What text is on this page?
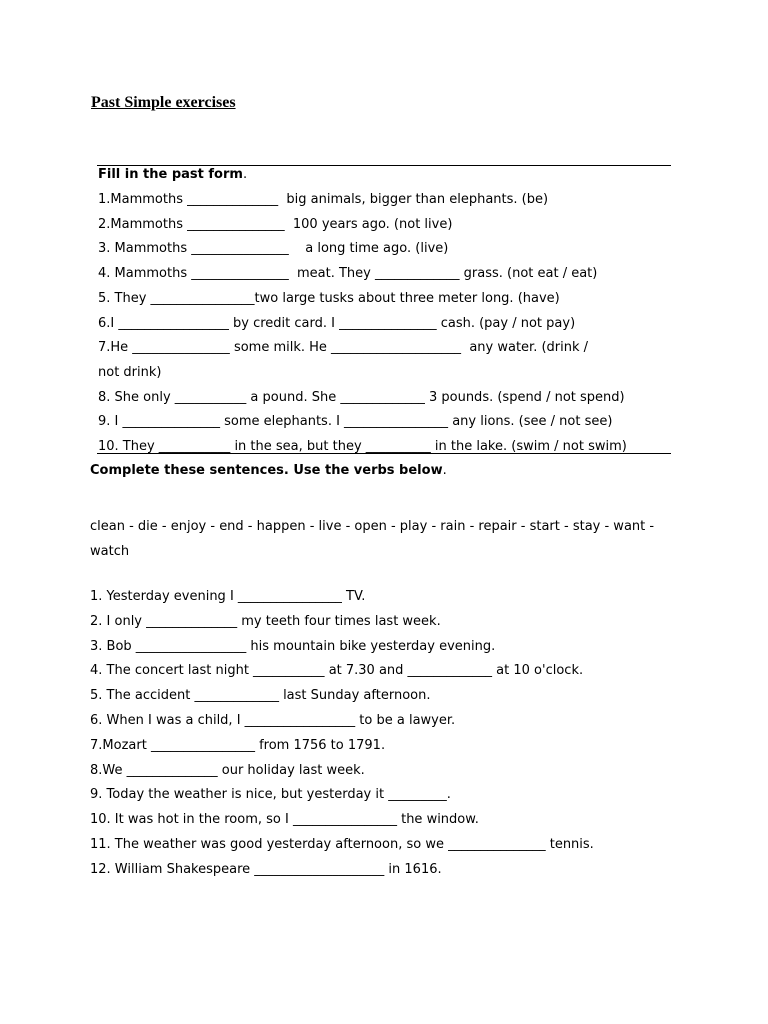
Past Simple exercises
Fill in the past form.
1.Mammoths ______________  big animals, bigger than elephants. (be)
2.Mammoths _______________  100 years ago. (not live)
3. Mammoths _______________    a long time ago. (live)
4. Mammoths _______________  meat. They _____________ grass. (not eat / eat)
5. They ________________two large tusks about three meter long. (have)
6.I _________________ by credit card. I _______________ cash. (pay / not pay)
7.He _______________ some milk. He ____________________  any water. (drink /
not drink)
8. She only ___________ a pound. She _____________ 3 pounds. (spend / not spend)
9. I _______________ some elephants. I ________________ any lions. (see / not see)
10. They ___________ in the sea, but they __________ in the lake. (swim / not swim)
Complete these sentences. Use the verbs below.
clean - die - enjoy - end - happen - live - open - play - rain - repair - start - stay - want - watch
1. Yesterday evening I ________________ TV.
2. I only ______________ my teeth four times last week.
3. Bob _________________ his mountain bike yesterday evening.
4. The concert last night ___________ at 7.30 and _____________ at 10 o'clock.
5. The accident _____________ last Sunday afternoon.
6. When I was a child, I _________________ to be a lawyer.
7.Mozart ________________ from 1756 to 1791.
8.We ______________ our holiday last week.
9. Today the weather is nice, but yesterday it _________.
10. It was hot in the room, so I ________________ the window.
11. The weather was good yesterday afternoon, so we _______________ tennis.
12. William Shakespeare ____________________ in 1616.
